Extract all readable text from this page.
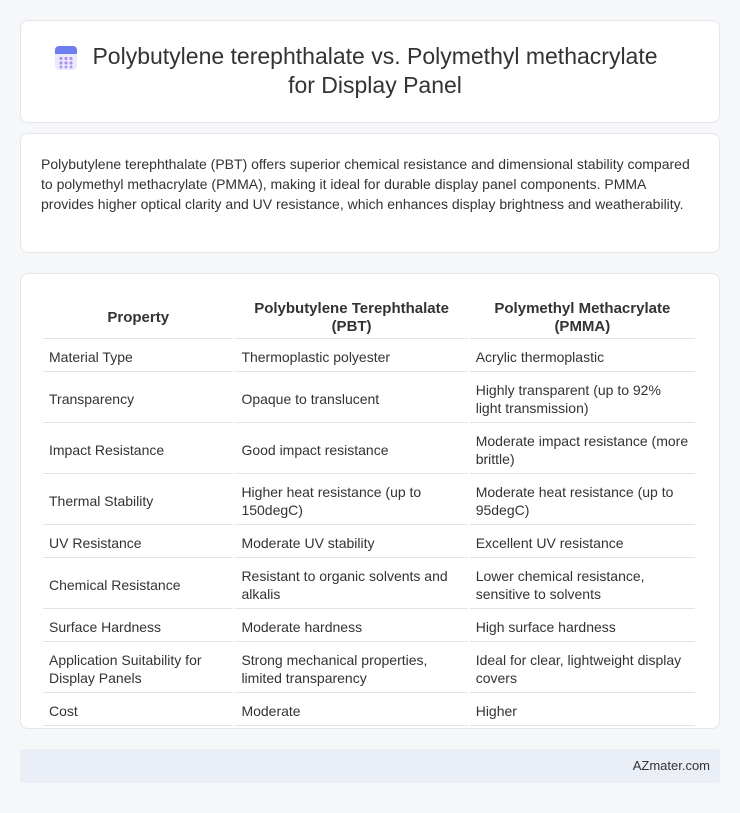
Polybutylene terephthalate vs. Polymethyl methacrylate for Display Panel

Polybutylene terephthalate (PBT) offers superior chemical resistance and dimensional stability compared to polymethyl methacrylate (PMMA), making it ideal for durable display panel components. PMMA provides higher optical clarity and UV resistance, which enhances display brightness and weatherability.

Property	Polybutylene Terephthalate (PBT)	Polymethyl Methacrylate (PMMA)
Material Type	Thermoplastic polyester	Acrylic thermoplastic
Transparency	Opaque to translucent	Highly transparent (up to 92% light transmission)
Impact Resistance	Good impact resistance	Moderate impact resistance (more brittle)
Thermal Stability	Higher heat resistance (up to 150degC)	Moderate heat resistance (up to 95degC)
UV Resistance	Moderate UV stability	Excellent UV resistance
Chemical Resistance	Resistant to organic solvents and alkalis	Lower chemical resistance, sensitive to solvents
Surface Hardness	Moderate hardness	High surface hardness
Application Suitability for Display Panels	Strong mechanical properties, limited transparency	Ideal for clear, lightweight display covers
Cost	Moderate	Higher
AZmater.com
